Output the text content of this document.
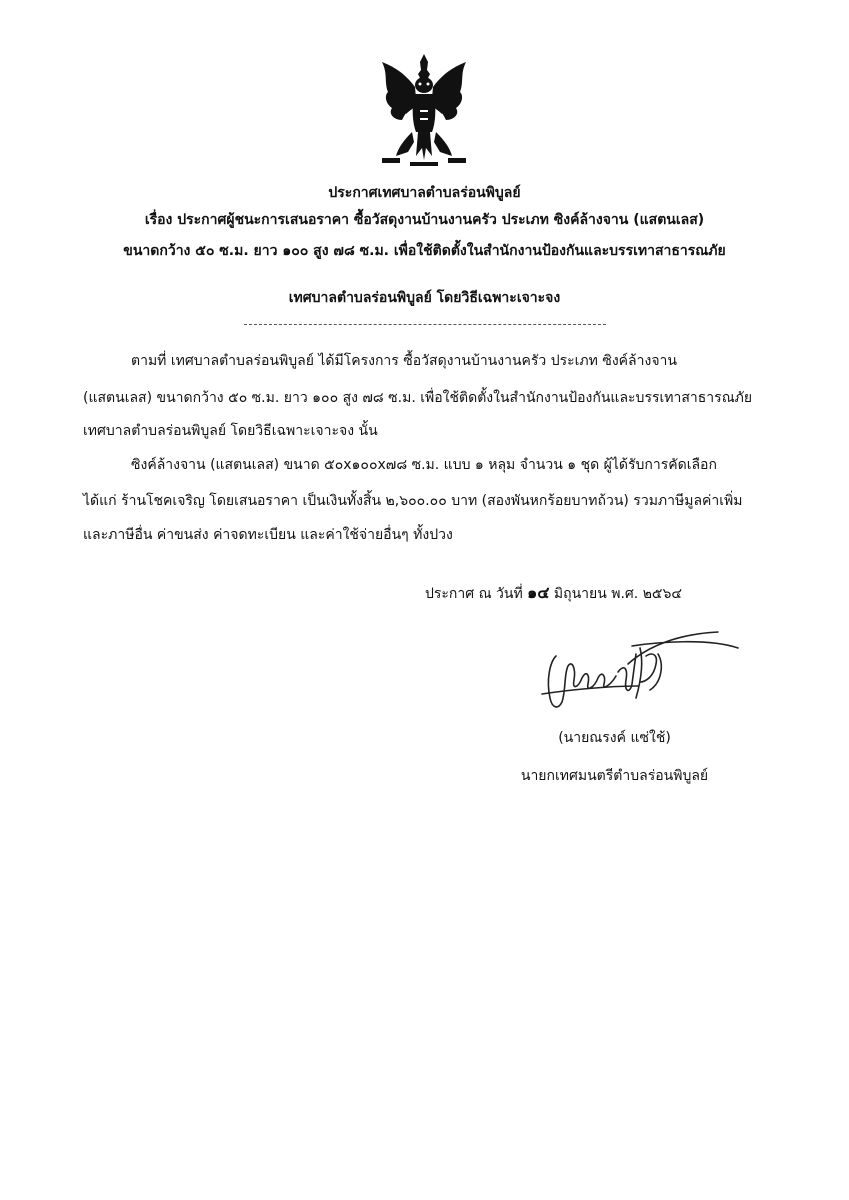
ประกาศเทศบาลตำบลร่อนพิบูลย์
เรื่อง ประกาศผู้ชนะการเสนอราคา ซื้อวัสดุงานบ้านงานครัว ประเภท ซิงค์ล้างจาน (แสตนเลส)
ขนาดกว้าง ๕๐ ซ.ม. ยาว ๑๐๐ สูง ๗๘ ซ.ม. เพื่อใช้ติดตั้งในสำนักงานป้องกันและบรรเทาสาธารณภัย
เทศบาลตำบลร่อนพิบูลย์ โดยวิธีเฉพาะเจาะจง
ตามที่ เทศบาลตำบลร่อนพิบูลย์ ได้มีโครงการ ซื้อวัสดุงานบ้านงานครัว ประเภท ซิงค์ล้างจาน
(แสตนเลส) ขนาดกว้าง ๕๐ ซ.ม. ยาว ๑๐๐ สูง ๗๘ ซ.ม. เพื่อใช้ติดตั้งในสำนักงานป้องกันและบรรเทาสาธารณภัย
เทศบาลตำบลร่อนพิบูลย์ โดยวิธีเฉพาะเจาะจง นั้น
ซิงค์ล้างจาน (แสตนเลส) ขนาด ๕๐x๑๐๐x๗๘ ซ.ม. แบบ ๑ หลุม จำนวน ๑ ชุด ผู้ได้รับการคัดเลือก
ได้แก่ ร้านโชคเจริญ โดยเสนอราคา เป็นเงินทั้งสิ้น ๒,๖๐๐.๐๐ บาท (สองพันหกร้อยบาทถ้วน) รวมภาษีมูลค่าเพิ่ม
และภาษีอื่น ค่าขนส่ง ค่าจดทะเบียน และค่าใช้จ่ายอื่นๆ ทั้งปวง
ประกาศ ณ วันที่ ๑๔ มิถุนายน พ.ศ. ๒๕๖๔
(นายณรงค์ แซ่ใช้)
นายกเทศมนตรีตำบลร่อนพิบูลย์
